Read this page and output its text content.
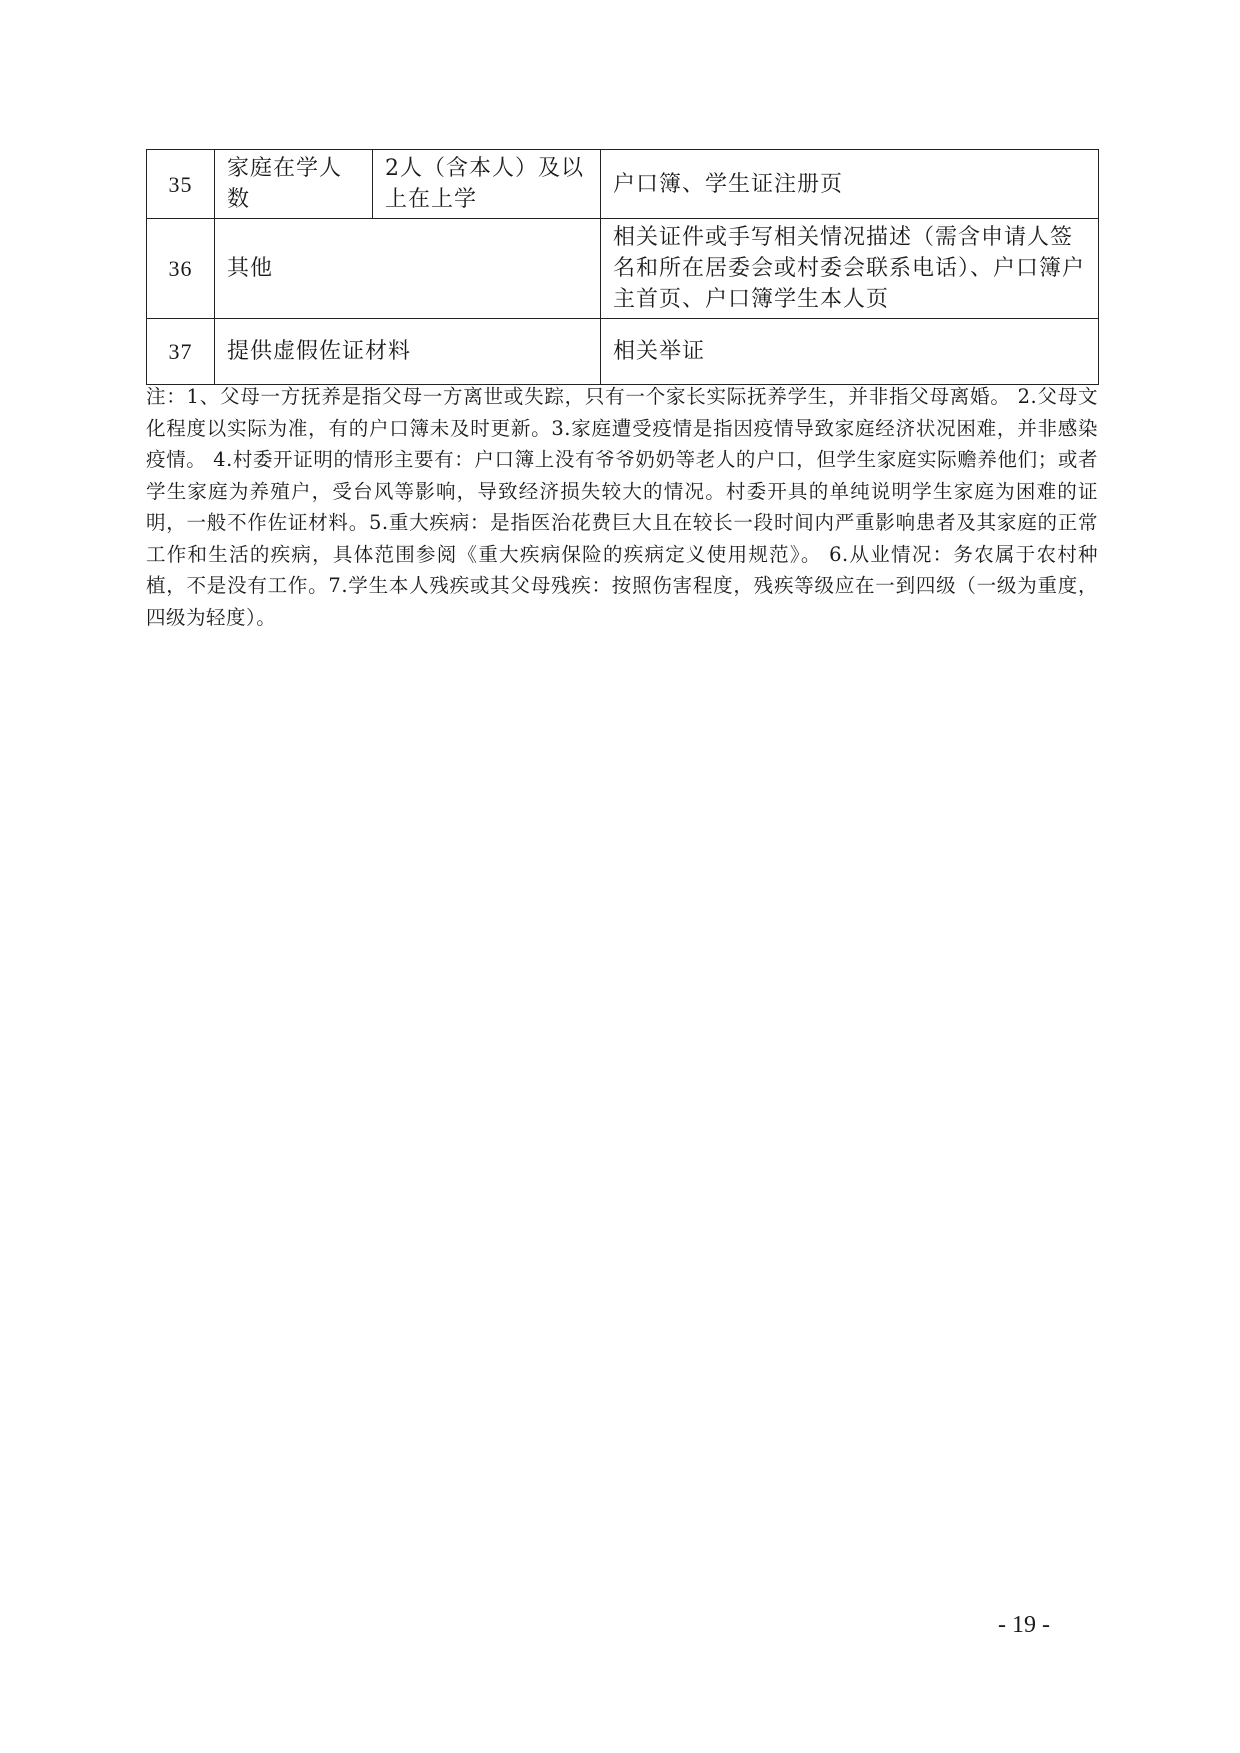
35	家庭在学人数	2人（含本人）及以上在上学	户口簿、学生证注册页
36	其他		相关证件或手写相关情况描述（需含申请人签名和所在居委会或村委会联系电话）、户口簿户主首页、户口簿学生本人页
37	提供虚假佐证材料		相关举证

注：1、父母一方抚养是指父母一方离世或失踪，只有一个家长实际抚养学生，并非指父母离婚。 2.父母文化程度以实际为准，有的户口簿未及时更新。3.家庭遭受疫情是指因疫情导致家庭经济状况困难，并非感染疫情。 4.村委开证明的情形主要有：户口簿上没有爷爷奶奶等老人的户口，但学生家庭实际赡养他们；或者学生家庭为养殖户，受台风等影响，导致经济损失较大的情况。村委开具的单纯说明学生家庭为困难的证明，一般不作佐证材料。5.重大疾病：是指医治花费巨大且在较长一段时间内严重影响患者及其家庭的正常工作和生活的疾病，具体范围参阅《重大疾病保险的疾病定义使用规范》。 6.从业情况：务农属于农村种植，不是没有工作。7.学生本人残疾或其父母残疾：按照伤害程度，残疾等级应在一到四级（一级为重度，四级为轻度）。

- 19 -
